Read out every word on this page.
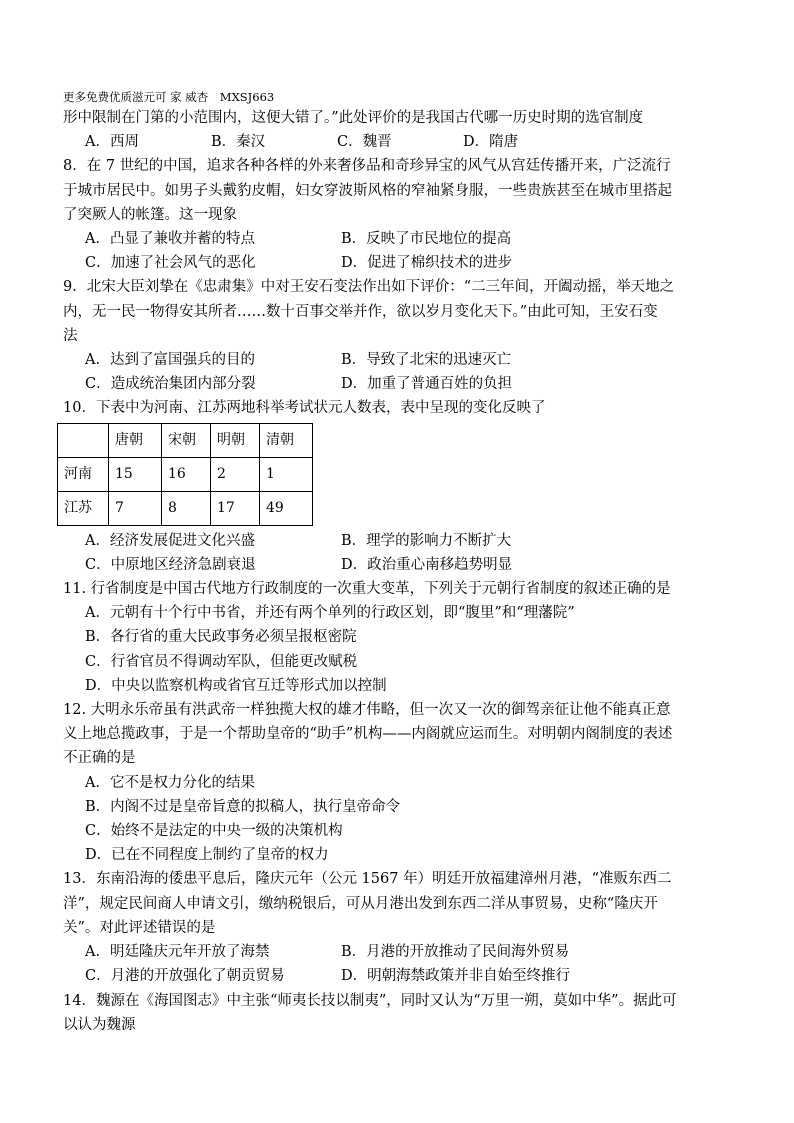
更多免费优质滋元可 家 威杏　MXSJ663
形中限制在门第的小范围内，这便大错了。”此处评价的是我国古代哪一历史时期的选官制度
A．西周	B．秦汉	C．魏晋	D．隋唐
8．在 7 世纪的中国，追求各种各样的外来奢侈品和奇珍异宝的风气从宫廷传播开来，广泛流行
于城市居民中。如男子头戴豹皮帽，妇女穿波斯风格的窄袖紧身服，一些贵族甚至在城市里搭起
了突厥人的帐篷。这一现象
A．凸显了兼收并蓄的特点	B．反映了市民地位的提高
C．加速了社会风气的恶化	D．促进了棉织技术的进步
9．北宋大臣刘挚在《忠肃集》中对王安石变法作出如下评价：“二三年间，开阖动摇，举天地之
内，无一民一物得安其所者……数十百事交举并作，欲以岁月变化天下。”由此可知，王安石变
法
A．达到了富国强兵的目的	B．导致了北宋的迅速灭亡
C．造成统治集团内部分裂	D．加重了普通百姓的负担
10．下表中为河南、江苏两地科举考试状元人数表，表中呈现的变化反映了
	唐朝	宋朝	明朝	清朝
河南	15	16	2	1
江苏	7	8	17	49
A．经济发展促进文化兴盛	B．理学的影响力不断扩大
C．中原地区经济急剧衰退	D．政治重心南移趋势明显
11. 行省制度是中国古代地方行政制度的一次重大变革，下列关于元朝行省制度的叙述正确的是
A．元朝有十个行中书省，并还有两个单列的行政区划，即“腹里”和“理藩院”
B．各行省的重大民政事务必须呈报枢密院
C．行省官员不得调动军队，但能更改赋税
D．中央以监察机构或省官互迁等形式加以控制
12. 大明永乐帝虽有洪武帝一样独揽大权的雄才伟略，但一次又一次的御驾亲征让他不能真正意
义上地总揽政事，于是一个帮助皇帝的“助手”机构——内阁就应运而生。对明朝内阁制度的表述
不正确的是
A．它不是权力分化的结果
B．内阁不过是皇帝旨意的拟稿人，执行皇帝命令
C．始终不是法定的中央一级的决策机构
D．已在不同程度上制约了皇帝的权力
13．东南沿海的倭患平息后，隆庆元年（公元 1567 年）明廷开放福建漳州月港，“准贩东西二
洋”，规定民间商人申请文引，缴纳税银后，可从月港出发到东西二洋从事贸易，史称“隆庆开
关”。对此评述错误的是
A．明廷隆庆元年开放了海禁	B．月港的开放推动了民间海外贸易
C．月港的开放强化了朝贡贸易	D．明朝海禁政策并非自始至终推行
14．魏源在《海国图志》中主张“师夷长技以制夷”，同时又认为“万里一朔，莫如中华”。据此可
以认为魏源
